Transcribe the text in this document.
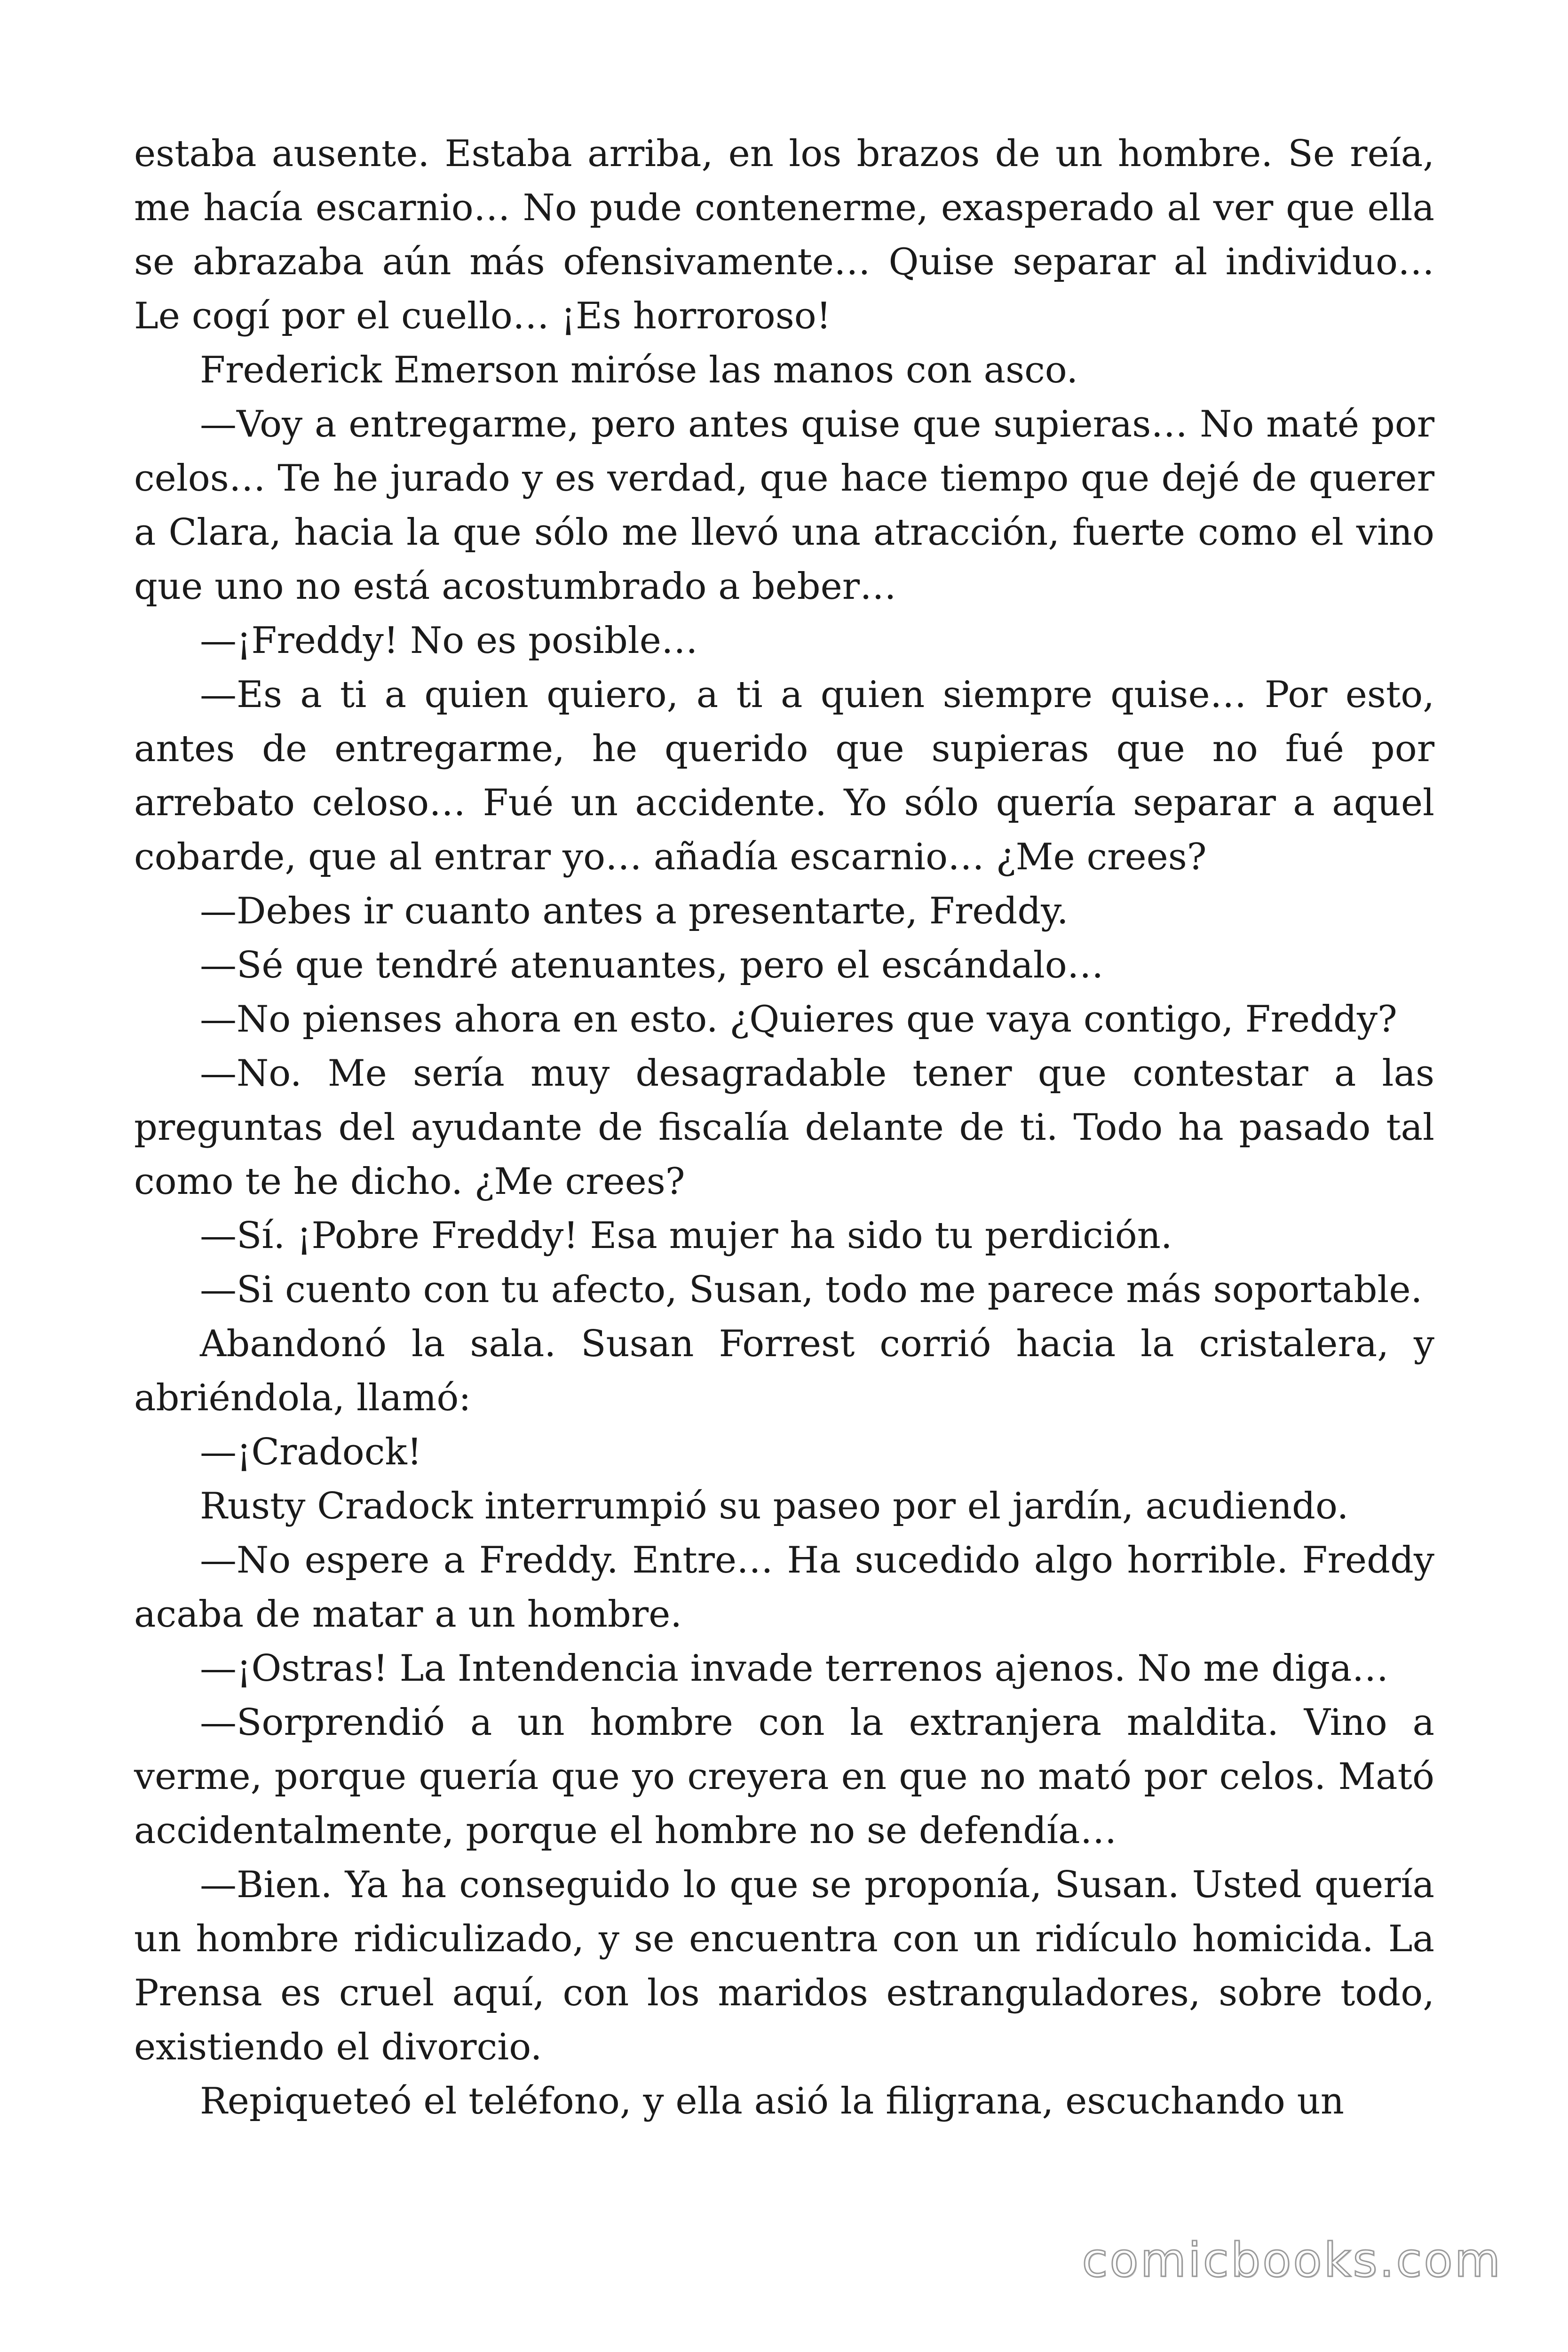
estaba ausente. Estaba arriba, en los brazos de un hombre. Se reía, me hacía escarnio… No pude contenerme, exasperado al ver que ella se abrazaba aún más ofensivamente… Quise separar al individuo… Le cogí por el cuello… ¡Es horroroso!

Frederick Emerson miróse las manos con asco.

—Voy a entregarme, pero antes quise que supieras… No maté por celos… Te he jurado y es verdad, que hace tiempo que dejé de querer a Clara, hacia la que sólo me llevó una atracción, fuerte como el vino que uno no está acostumbrado a beber…

—¡Freddy! No es posible…

—Es a ti a quien quiero, a ti a quien siempre quise… Por esto, antes de entregarme, he querido que supieras que no fué por arrebato celoso… Fué un accidente. Yo sólo quería separar a aquel cobarde, que al entrar yo… añadía escarnio… ¿Me crees?

—Debes ir cuanto antes a presentarte, Freddy.

—Sé que tendré atenuantes, pero el escándalo…

—No pienses ahora en esto. ¿Quieres que vaya contigo, Freddy?

—No. Me sería muy desagradable tener que contestar a las preguntas del ayudante de fiscalía delante de ti. Todo ha pasado tal como te he dicho. ¿Me crees?

—Sí. ¡Pobre Freddy! Esa mujer ha sido tu perdición.

—Si cuento con tu afecto, Susan, todo me parece más soportable.

Abandonó la sala. Susan Forrest corrió hacia la cristalera, y abriéndola, llamó:

—¡Cradock!

Rusty Cradock interrumpió su paseo por el jardín, acudiendo.

—No espere a Freddy. Entre… Ha sucedido algo horrible. Freddy acaba de matar a un hombre.

—¡Ostras! La Intendencia invade terrenos ajenos. No me diga…

—Sorprendió a un hombre con la extranjera maldita. Vino a verme, porque quería que yo creyera en que no mató por celos. Mató accidentalmente, porque el hombre no se defendía…

—Bien. Ya ha conseguido lo que se proponía, Susan. Usted quería un hombre ridiculizado, y se encuentra con un ridículo homicida. La Prensa es cruel aquí, con los maridos estranguladores, sobre todo, existiendo el divorcio.

Repiqueteó el teléfono, y ella asió la filigrana, escuchando un

comicbooks.com
